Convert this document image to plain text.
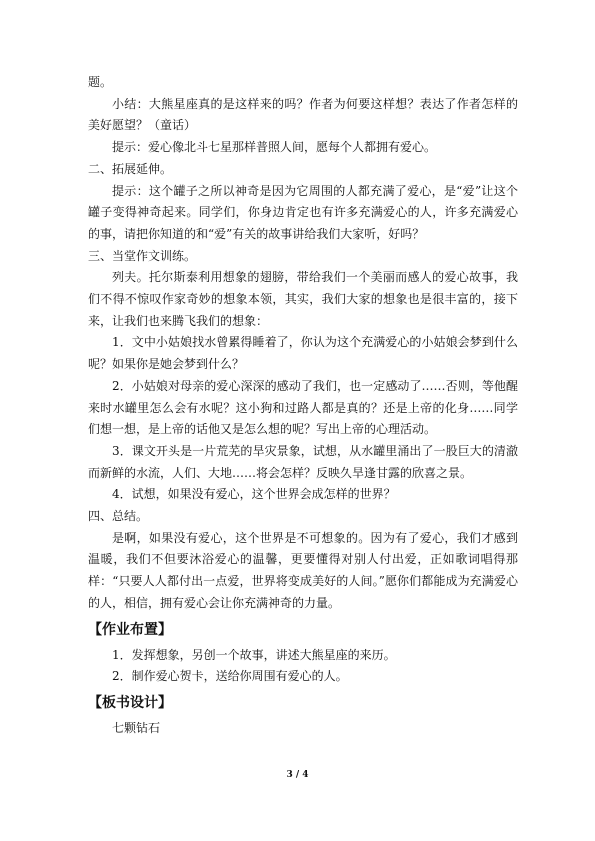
题。

小结：大熊星座真的是这样来的吗？作者为何要这样想？表达了作者怎样的美好愿望？（童话）

提示：爱心像北斗七星那样普照人间，愿每个人都拥有爱心。

二、拓展延伸。

提示：这个罐子之所以神奇是因为它周围的人都充满了爱心，是“爱”让这个罐子变得神奇起来。同学们，你身边肯定也有许多充满爱心的人，许多充满爱心的事，请把你知道的和“爱”有关的故事讲给我们大家听，好吗？

三、当堂作文训练。

列夫。托尔斯泰利用想象的翅膀，带给我们一个美丽而感人的爱心故事，我们不得不惊叹作家奇妙的想象本领，其实，我们大家的想象也是很丰富的，接下来，让我们也来腾飞我们的想象：

1．文中小姑娘找水曾累得睡着了，你认为这个充满爱心的小姑娘会梦到什么呢？如果你是她会梦到什么？

2．小姑娘对母亲的爱心深深的感动了我们，也一定感动了……否则，等他醒来时水罐里怎么会有水呢？这小狗和过路人都是真的？还是上帝的化身……同学们想一想，是上帝的话他又是怎么想的呢？写出上帝的心理活动。

3．课文开头是一片荒芜的旱灾景象，试想，从水罐里涌出了一股巨大的清澈而新鲜的水流，人们、大地……将会怎样？反映久旱逢甘露的欣喜之景。

4．试想，如果没有爱心，这个世界会成怎样的世界？

四、总结。

是啊，如果没有爱心，这个世界是不可想象的。因为有了爱心，我们才感到温暖，我们不但要沐浴爱心的温馨，更要懂得对别人付出爱，正如歌词唱得那样：“只要人人都付出一点爱，世界将变成美好的人间。”愿你们都能成为充满爱心的人，相信，拥有爱心会让你充满神奇的力量。

【作业布置】

1．发挥想象，另创一个故事，讲述大熊星座的来历。

2．制作爱心贺卡，送给你周围有爱心的人。

【板书设计】

七颗钻石

3 / 4
